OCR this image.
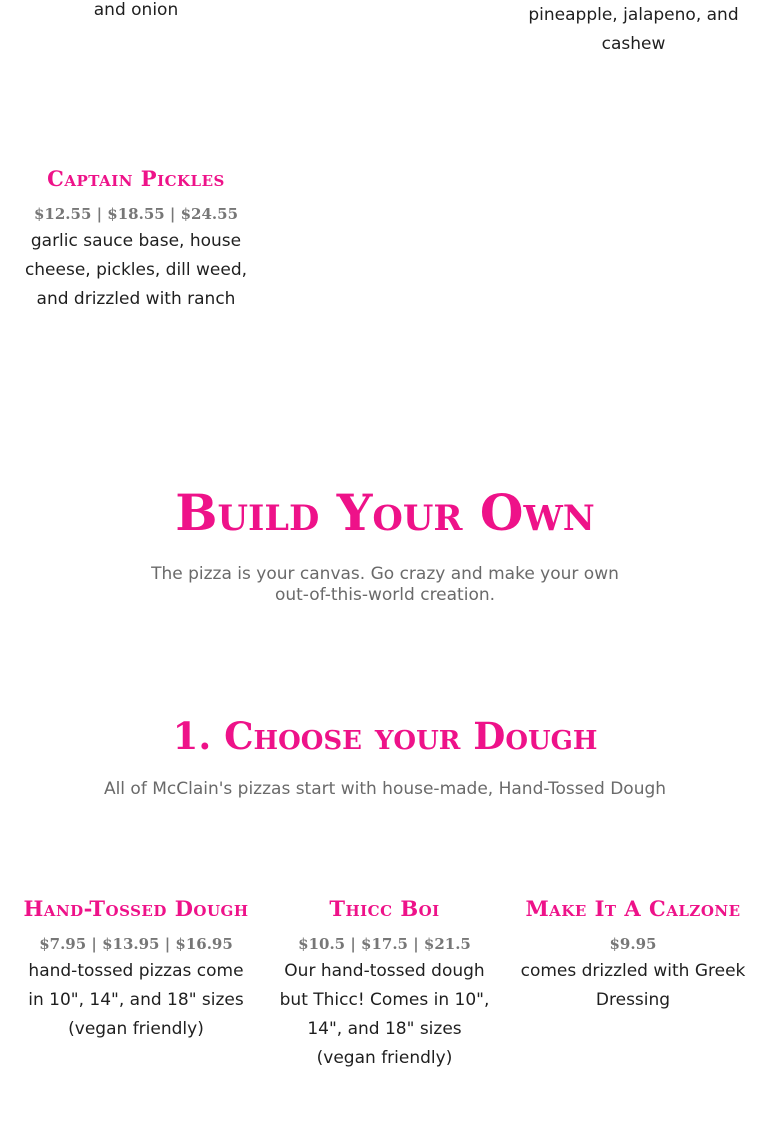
and onion	pineapple, jalapeno, and cashew
Captain Pickles
$12.55 | $18.55 | $24.55
garlic sauce base, house cheese, pickles, dill weed, and drizzled with ranch
Build Your Own
The pizza is your canvas. Go crazy and make your own out-of-this-world creation.
1. Choose your Dough
All of McClain's pizzas start with house-made, Hand-Tossed Dough
Hand-Tossed Dough
$7.95 | $13.95 | $16.95
hand-tossed pizzas come in 10", 14", and 18" sizes (vegan friendly)
Thicc Boi
$10.5 | $17.5 | $21.5
Our hand-tossed dough but Thicc! Comes in 10", 14", and 18" sizes (vegan friendly)
Make It A Calzone
$9.95
comes drizzled with Greek Dressing
